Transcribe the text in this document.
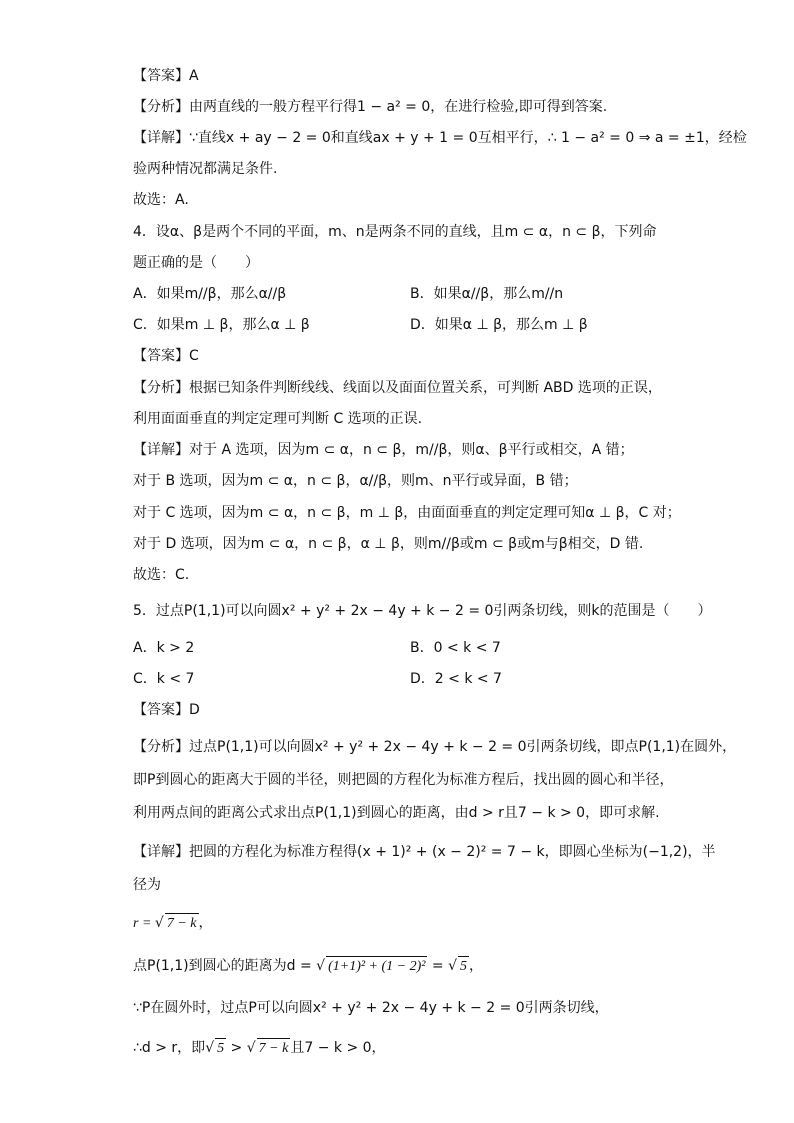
【答案】A
【分析】由两直线的一般方程平行得1 − a² = 0，在进行检验,即可得到答案.
【详解】∵直线x + ay − 2 = 0和直线ax + y + 1 = 0互相平行，∴ 1 − a² = 0 ⇒ a = ±1，经检
验两种情况都满足条件.
故选：A.
4．设α、β是两个不同的平面，m、n是两条不同的直线，且m ⊂ α，n ⊂ β，下列命
题正确的是（　　）
A．如果m//β，那么α//β	B．如果α//β，那么m//n
C．如果m ⊥ β，那么α ⊥ β	D．如果α ⊥ β，那么m ⊥ β
【答案】C
【分析】根据已知条件判断线线、线面以及面面位置关系，可判断 ABD 选项的正误，
利用面面垂直的判定定理可判断 C 选项的正误.
【详解】对于 A 选项，因为m ⊂ α，n ⊂ β，m//β，则α、β平行或相交，A 错；
对于 B 选项，因为m ⊂ α，n ⊂ β，α//β，则m、n平行或异面，B 错；
对于 C 选项，因为m ⊂ α，n ⊂ β，m ⊥ β，由面面垂直的判定定理可知α ⊥ β，C 对；
对于 D 选项，因为m ⊂ α，n ⊂ β，α ⊥ β，则m//β或m ⊂ β或m与β相交，D 错.
故选：C.
5．过点P(1,1)可以向圆x² + y² + 2x − 4y + k − 2 = 0引两条切线，则k的范围是（　　）
A．k > 2	B．0 < k < 7
C．k < 7	D．2 < k < 7
【答案】D
【分析】过点P(1,1)可以向圆x² + y² + 2x − 4y + k − 2 = 0引两条切线，即点P(1,1)在圆外，
即P到圆心的距离大于圆的半径，则把圆的方程化为标准方程后，找出圆的圆心和半径，
利用两点间的距离公式求出点P(1,1)到圆心的距离，由d > r且7 − k > 0，即可求解.
【详解】把圆的方程化为标准方程得(x + 1)² + (x − 2)² = 7 − k，即圆心坐标为(−1,2)，半
径为
r = √ 7 − k ，
点P(1,1)到圆心的距离为d = √ (1+1)² + (1 − 2)² = √ 5 ，
∵P在圆外时，过点P可以向圆x² + y² + 2x − 4y + k − 2 = 0引两条切线，
∴d > r，即√ 5 > √ 7 − k 且7 − k > 0，
